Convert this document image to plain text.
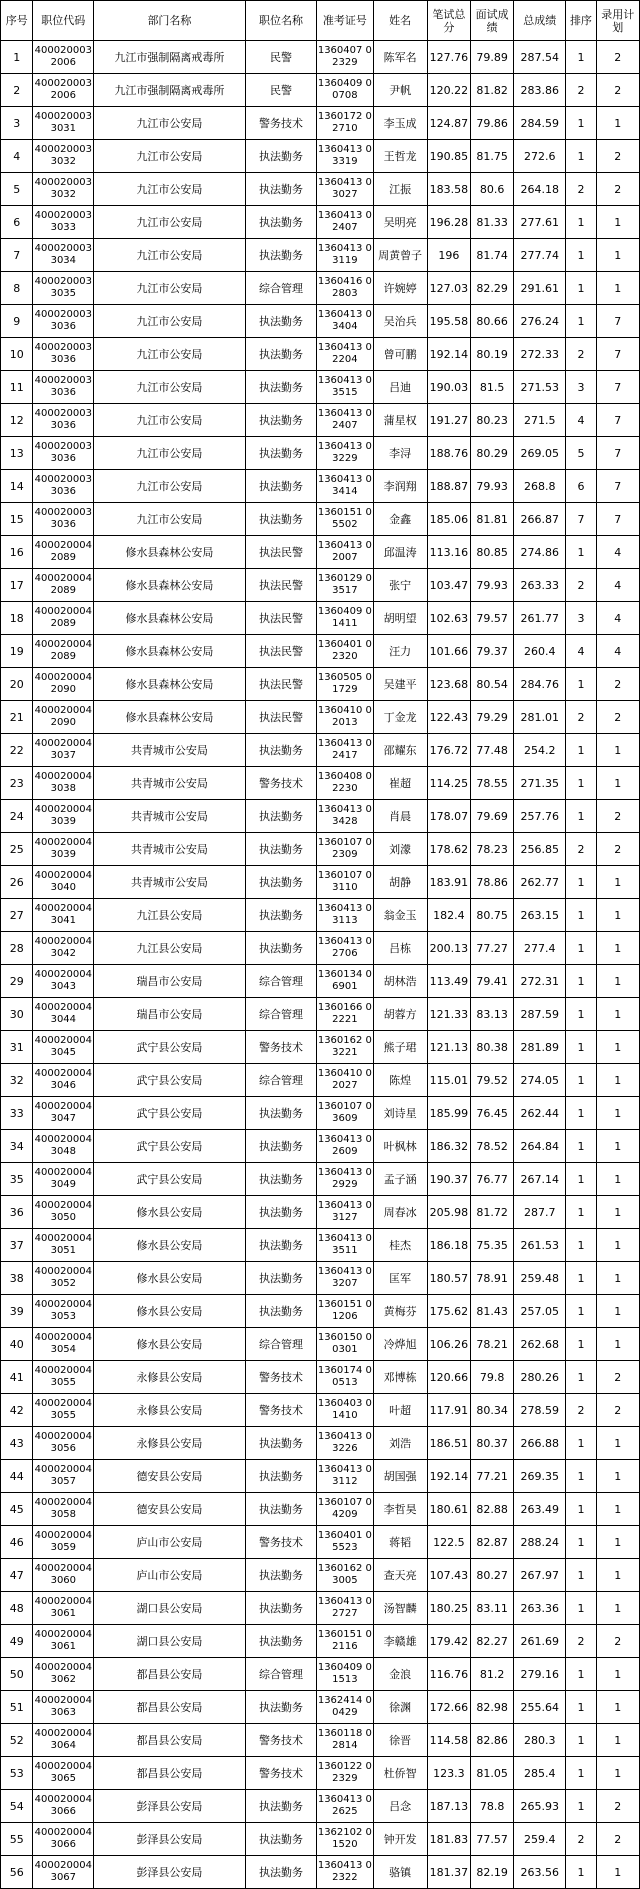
序号	职位代码	部门名称	职位名称	准考证号	姓名	笔试总分	面试成绩	总成绩	排序	录用计划
1	4000200032006	九江市强制隔离戒毒所	民警	1360407 02329	陈军名	127.76	79.89	287.54	1	2
2	4000200032006	九江市强制隔离戒毒所	民警	1360409 00708	尹帆	120.22	81.82	283.86	2	2
3	4000200033031	九江市公安局	警务技术	1360172 02710	李玉成	124.87	79.86	284.59	1	1
4	4000200033032	九江市公安局	执法勤务	1360413 03319	王哲龙	190.85	81.75	272.6	1	2
5	4000200033032	九江市公安局	执法勤务	1360413 03027	江振	183.58	80.6	264.18	2	2
6	4000200033033	九江市公安局	执法勤务	1360413 02407	吴明亮	196.28	81.33	277.61	1	1
7	4000200033034	九江市公安局	执法勤务	1360413 03119	周黄曾子	196	81.74	277.74	1	1
8	4000200033035	九江市公安局	综合管理	1360416 02803	许婉婷	127.03	82.29	291.61	1	1
9	4000200033036	九江市公安局	执法勤务	1360413 03404	吴治兵	195.58	80.66	276.24	1	7
10	4000200033036	九江市公安局	执法勤务	1360413 02204	曾可鹏	192.14	80.19	272.33	2	7
11	4000200033036	九江市公安局	执法勤务	1360413 03515	吕迪	190.03	81.5	271.53	3	7
12	4000200033036	九江市公安局	执法勤务	1360413 02407	蒲星权	191.27	80.23	271.5	4	7
13	4000200033036	九江市公安局	执法勤务	1360413 03229	李浔	188.76	80.29	269.05	5	7
14	4000200033036	九江市公安局	执法勤务	1360413 03414	李润翔	188.87	79.93	268.8	6	7
15	4000200033036	九江市公安局	执法勤务	1360151 05502	金鑫	185.06	81.81	266.87	7	7
16	4000200042089	修水县森林公安局	执法民警	1360413 02007	邱温涛	113.16	80.85	274.86	1	4
17	4000200042089	修水县森林公安局	执法民警	1360129 03517	张宁	103.47	79.93	263.33	2	4
18	4000200042089	修水县森林公安局	执法民警	1360409 01411	胡明望	102.63	79.57	261.77	3	4
19	4000200042089	修水县森林公安局	执法民警	1360401 02320	汪力	101.66	79.37	260.4	4	4
20	4000200042090	修水县森林公安局	执法民警	1360505 01729	吴建平	123.68	80.54	284.76	1	2
21	4000200042090	修水县森林公安局	执法民警	1360410 02013	丁金龙	122.43	79.29	281.01	2	2
22	4000200043037	共青城市公安局	执法勤务	1360413 02417	邵耀东	176.72	77.48	254.2	1	1
23	4000200043038	共青城市公安局	警务技术	1360408 02230	崔超	114.25	78.55	271.35	1	1
24	4000200043039	共青城市公安局	执法勤务	1360413 03428	肖晨	178.07	79.69	257.76	1	2
25	4000200043039	共青城市公安局	执法勤务	1360107 02309	刘濛	178.62	78.23	256.85	2	2
26	4000200043040	共青城市公安局	执法勤务	1360107 03110	胡静	183.91	78.86	262.77	1	1
27	4000200043041	九江县公安局	执法勤务	1360413 03113	翁金玉	182.4	80.75	263.15	1	1
28	4000200043042	九江县公安局	执法勤务	1360413 02706	吕栋	200.13	77.27	277.4	1	1
29	4000200043043	瑞昌市公安局	综合管理	1360134 06901	胡林浩	113.49	79.41	272.31	1	1
30	4000200043044	瑞昌市公安局	综合管理	1360166 02221	胡蓉方	121.33	83.13	287.59	1	1
31	4000200043045	武宁县公安局	警务技术	1360162 03221	熊子珺	121.13	80.38	281.89	1	1
32	4000200043046	武宁县公安局	综合管理	1360410 02027	陈煌	115.01	79.52	274.05	1	1
33	4000200043047	武宁县公安局	执法勤务	1360107 03609	刘诗星	185.99	76.45	262.44	1	1
34	4000200043048	武宁县公安局	执法勤务	1360413 02609	叶枫林	186.32	78.52	264.84	1	1
35	4000200043049	武宁县公安局	执法勤务	1360413 02929	孟子涵	190.37	76.77	267.14	1	1
36	4000200043050	修水县公安局	执法勤务	1360413 03127	周春冰	205.98	81.72	287.7	1	1
37	4000200043051	修水县公安局	执法勤务	1360413 03511	桂杰	186.18	75.35	261.53	1	1
38	4000200043052	修水县公安局	执法勤务	1360413 03207	匡军	180.57	78.91	259.48	1	1
39	4000200043053	修水县公安局	执法勤务	1360151 01206	黄梅芬	175.62	81.43	257.05	1	1
40	4000200043054	修水县公安局	综合管理	1360150 00301	冷烨旭	106.26	78.21	262.68	1	1
41	4000200043055	永修县公安局	警务技术	1360174 00513	邓博栋	120.66	79.8	280.26	1	2
42	4000200043055	永修县公安局	警务技术	1360403 01410	叶超	117.91	80.34	278.59	2	2
43	4000200043056	永修县公安局	执法勤务	1360413 03226	刘浩	186.51	80.37	266.88	1	1
44	4000200043057	德安县公安局	执法勤务	1360413 03112	胡国强	192.14	77.21	269.35	1	1
45	4000200043058	德安县公安局	执法勤务	1360107 04209	李哲昊	180.61	82.88	263.49	1	1
46	4000200043059	庐山市公安局	警务技术	1360401 05523	蒋韬	122.5	82.87	288.24	1	1
47	4000200043060	庐山市公安局	执法勤务	1360162 03005	查天亮	107.43	80.27	267.97	1	1
48	4000200043061	湖口县公安局	执法勤务	1360413 02727	汤智麟	180.25	83.11	263.36	1	1
49	4000200043061	湖口县公安局	执法勤务	1360151 02116	李赣雄	179.42	82.27	261.69	2	2
50	4000200043062	都昌县公安局	综合管理	1360409 01513	金浪	116.76	81.2	279.16	1	1
51	4000200043063	都昌县公安局	执法勤务	1362414 00429	徐渊	172.66	82.98	255.64	1	1
52	4000200043064	都昌县公安局	警务技术	1360118 02814	徐晋	114.58	82.86	280.3	1	1
53	4000200043065	都昌县公安局	警务技术	1360122 02329	杜侨智	123.3	81.05	285.4	1	1
54	4000200043066	彭泽县公安局	执法勤务	1360413 02625	吕念	187.13	78.8	265.93	1	2
55	4000200043066	彭泽县公安局	执法勤务	1362102 01520	钟开发	181.83	77.57	259.4	2	2
56	4000200043067	彭泽县公安局	执法勤务	1360413 02322	骆镇	181.37	82.19	263.56	1	1
